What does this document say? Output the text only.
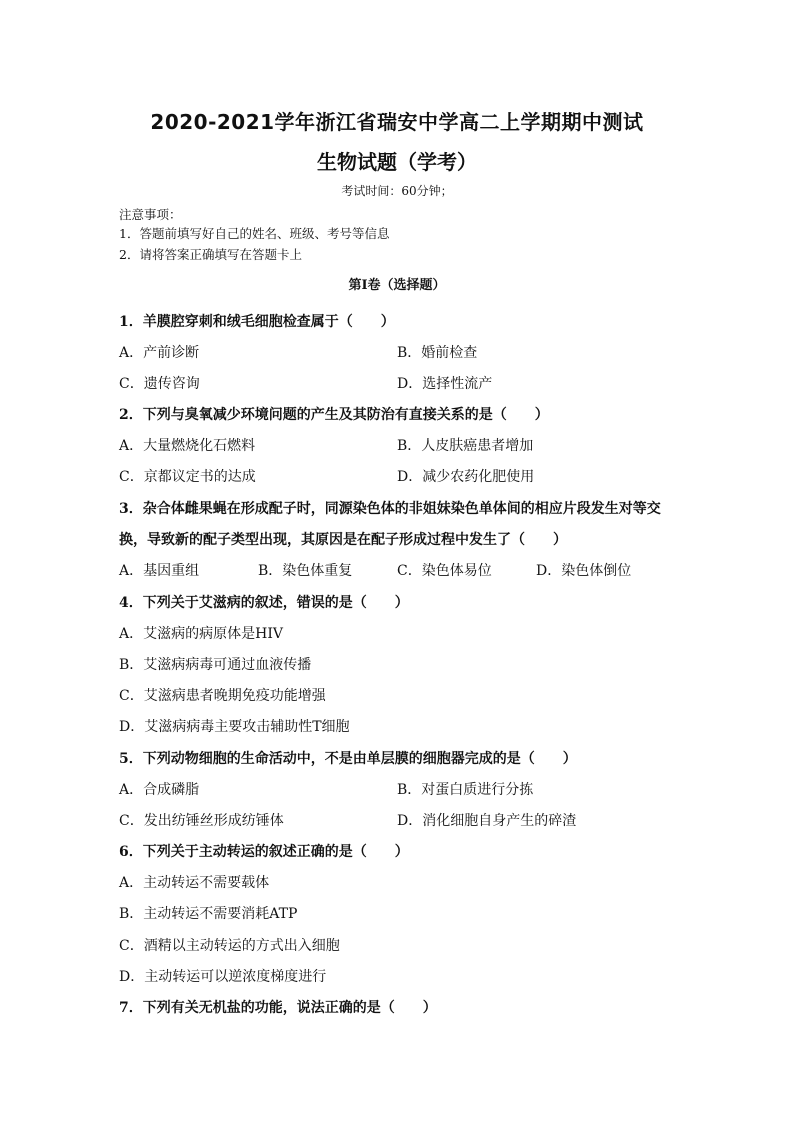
2020-2021学年浙江省瑞安中学高二上学期期中测试
生物试题（学考）
考试时间：60分钟；
注意事项：
1．答题前填写好自己的姓名、班级、考号等信息
2．请将答案正确填写在答题卡上
第I卷（选择题）
1．羊膜腔穿刺和绒毛细胞检查属于（　　）
A．产前诊断	B．婚前检查
C．遗传咨询	D．选择性流产
2．下列与臭氧减少环境问题的产生及其防治有直接关系的是（　　）
A．大量燃烧化石燃料	B．人皮肤癌患者增加
C．京都议定书的达成	D．减少农药化肥使用
3．杂合体雌果蝇在形成配子时，同源染色体的非姐妹染色单体间的相应片段发生对等交
换，导致新的配子类型出现，其原因是在配子形成过程中发生了（　　）
A．基因重组	B．染色体重复	C．染色体易位	D．染色体倒位
4．下列关于艾滋病的叙述，错误的是（　　）
A．艾滋病的病原体是HIV
B．艾滋病病毒可通过血液传播
C．艾滋病患者晚期免疫功能增强
D．艾滋病病毒主要攻击辅助性T细胞
5．下列动物细胞的生命活动中，不是由单层膜的细胞器完成的是（　　）
A．合成磷脂	B．对蛋白质进行分拣
C．发出纺锤丝形成纺锤体	D．消化细胞自身产生的碎渣
6．下列关于主动转运的叙述正确的是（　　）
A．主动转运不需要载体
B．主动转运不需要消耗ATP
C．酒精以主动转运的方式出入细胞
D．主动转运可以逆浓度梯度进行
7．下列有关无机盐的功能，说法正确的是（　　）
